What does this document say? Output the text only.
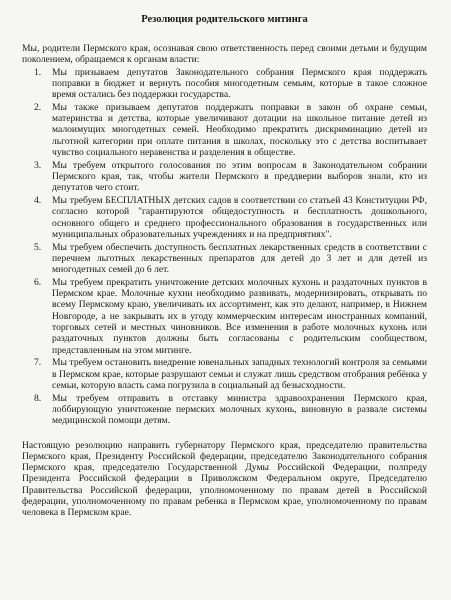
Резолюция родительского митинга

Мы, родители Пермского края, осознавая свою ответственность перед своими детьми и будущим поколением, обращаемся к органам власти:

1. Мы призываем депутатов Законодательного собрания Пермского края поддержать поправки в бюджет и вернуть пособия многодетным семьям, которые в такое сложное время остались без поддержки государства.
2. Мы также призываем депутатов поддержать поправки в закон об охране семьи, материнства и детства, которые увеличивают дотации на школьное питание детей из малоимущих многодетных семей. Необходимо прекратить дискриминацию детей из льготной категории при оплате питания в школах, поскольку это с детства воспитывает чувство социального неравенства и разделения в обществе.
3. Мы требуем открытого голосования по этим вопросам в Законодательном собрании Пермского края, так, чтобы жители Пермского в преддверии выборов знали, кто из депутатов чего стоит.
4. Мы требуем БЕСПЛАТНЫХ детских садов в соответствии со статьей 43 Конституции РФ, согласно которой "гарантируются общедоступность и бесплатность дошкольного, основного общего и среднего профессионального образования в государственных или муниципальных образовательных учреждениях и на предприятиях".
5. Мы требуем обеспечить доступность бесплатных лекарственных средств в соответствии с перечнем льготных лекарственных препаратов для детей до 3 лет и для детей из многодетных семей до 6 лет.
6. Мы требуем прекратить уничтожение детских молочных кухонь и раздаточных пунктов в Пермском крае. Молочные кухни необходимо развивать, модернизировать, открывать по всему Пермскому краю, увеличивать их ассортимент, как это делают, например, в Нижнем Новгороде, а не закрывать их в угоду коммерческим интересам иностранных компаний, торговых сетей и местных чиновников. Все изменения в работе молочных кухонь или раздаточных пунктов должны быть согласованы с родительским сообществом, представленным на этом митинге.
7. Мы требуем остановить внедрение ювенальных западных технологий контроля за семьями в Пермском крае, которые разрушают семьи и служат лишь средством отобрания ребёнка у семьи, которую власть сама погрузила в социальный ад безысходности.
8. Мы требуем отправить в отставку министра здравоохранения Пермского края, лоббирующую уничтожение пермских молочных кухонь, виновную в развале системы медицинской помощи детям.

Настоящую резолюцию направить губернатору Пермского края, председателю правительства Пермского края, Президенту Российской федерации, председателю Законодательного собрания Пермского края, председателю Государственной Думы Российской Федерации, полпреду Президента Российской федерации в Приволжском Федеральном округе, Председателю Правительства Российской федерации, уполномоченному по правам детей в Российской федерации, уполномоченному по правам ребенка в Пермском крае, уполномоченному по правам человека в Пермском крае.
